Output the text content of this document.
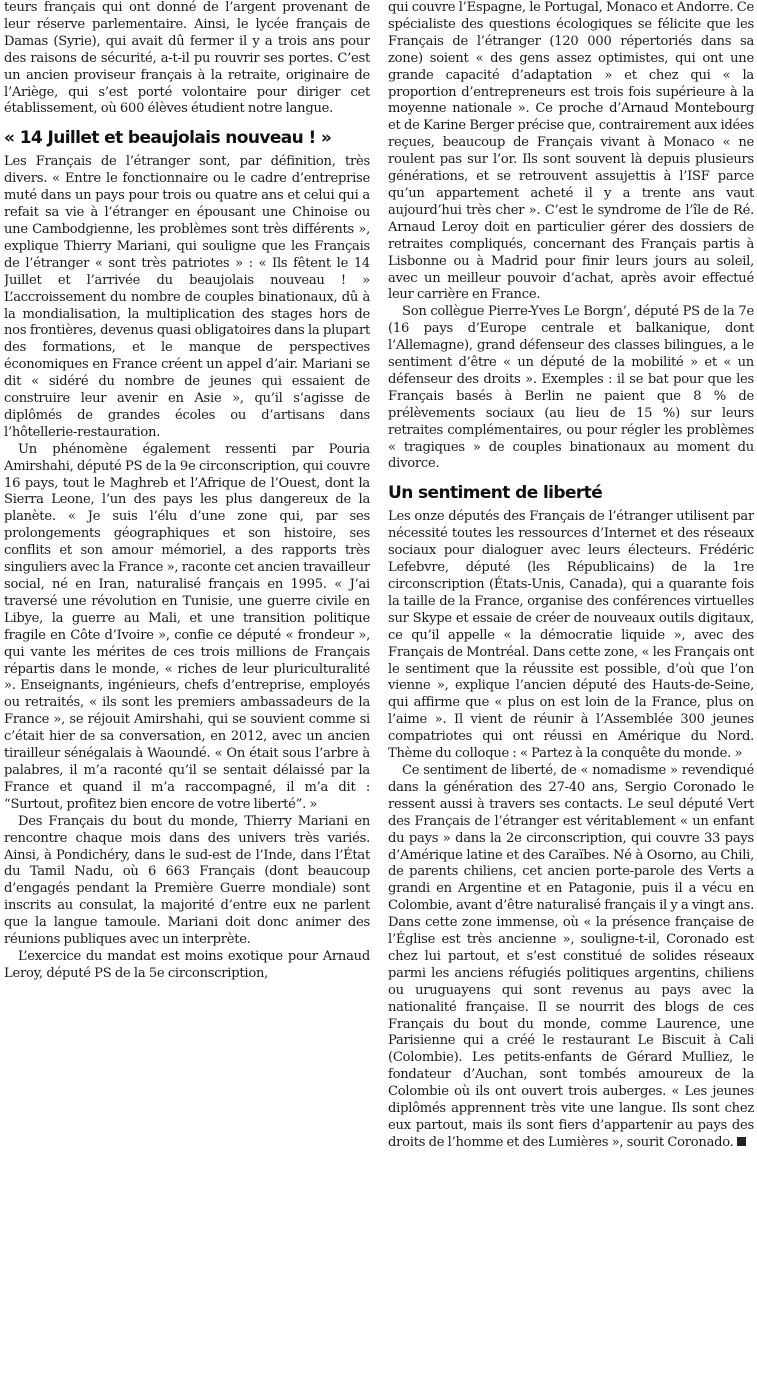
teurs français qui ont donné de l’argent provenant de leur réserve parlementaire. Ainsi, le lycée français de Damas (Syrie), qui avait dû fermer il y a trois ans pour des raisons de sécurité, a-t-il pu rouvrir ses portes. C’est un ancien proviseur français à la retraite, originaire de l’Ariège, qui s’est porté volontaire pour diriger cet établissement, où 600 élèves étudient notre langue.

« 14 Juillet et beaujolais nouveau ! »

Les Français de l’étranger sont, par définition, très divers. « Entre le fonctionnaire ou le cadre d’entreprise muté dans un pays pour trois ou quatre ans et celui qui a refait sa vie à l’étranger en épousant une Chinoise ou une Cambodgienne, les problèmes sont très différents », explique Thierry Mariani, qui souligne que les Français de l’étranger « sont très patriotes » : « Ils fêtent le 14 Juillet et l’arrivée du beaujolais nouveau ! » L’accroissement du nombre de couples binationaux, dû à la mondialisation, la multiplication des stages hors de nos frontières, devenus quasi obligatoires dans la plupart des formations, et le manque de perspectives économiques en France créent un appel d’air. Mariani se dit « sidéré du nombre de jeunes qui essaient de construire leur avenir en Asie », qu’il s’agisse de diplômés de grandes écoles ou d’artisans dans l’hôtellerie-restauration.

Un phénomène également ressenti par Pouria Amirshahi, député PS de la 9e circonscription, qui couvre 16 pays, tout le Maghreb et l’Afrique de l’Ouest, dont la Sierra Leone, l’un des pays les plus dangereux de la planète. « Je suis l’élu d’une zone qui, par ses prolongements géographiques et son histoire, ses conflits et son amour mémoriel, a des rapports très singuliers avec la France », raconte cet ancien travailleur social, né en Iran, naturalisé français en 1995. « J’ai traversé une révolution en Tunisie, une guerre civile en Libye, la guerre au Mali, et une transition politique fragile en Côte d’Ivoire », confie ce député « frondeur », qui vante les mérites de ces trois millions de Français répartis dans le monde, « riches de leur pluriculturalité ». Enseignants, ingénieurs, chefs d’entreprise, employés ou retraités, « ils sont les premiers ambassadeurs de la France », se réjouit Amirshahi, qui se souvient comme si c’était hier de sa conversation, en 2012, avec un ancien tirailleur sénégalais à Waoundé. « On était sous l’arbre à palabres, il m’a raconté qu’il se sentait délaissé par la France et quand il m’a raccompagné, il m’a dit : “Surtout, profitez bien encore de votre liberté”. »

Des Français du bout du monde, Thierry Mariani en rencontre chaque mois dans des univers très variés. Ainsi, à Pondichéry, dans le sud-est de l’Inde, dans l’État du Tamil Nadu, où 6 663 Français (dont beaucoup d’engagés pendant la Première Guerre mondiale) sont inscrits au consulat, la majorité d’entre eux ne parlent que la langue tamoule. Mariani doit donc animer des réunions publiques avec un interprète.

L’exercice du mandat est moins exotique pour Arnaud Leroy, député PS de la 5e circonscription,

qui couvre l’Espagne, le Portugal, Monaco et Andorre. Ce spécialiste des questions écologiques se félicite que les Français de l’étranger (120 000 répertoriés dans sa zone) soient « des gens assez optimistes, qui ont une grande capacité d’adaptation » et chez qui « la proportion d’entrepreneurs est trois fois supérieure à la moyenne nationale ». Ce proche d’Arnaud Montebourg et de Karine Berger précise que, contrairement aux idées reçues, beaucoup de Français vivant à Monaco « ne roulent pas sur l’or. Ils sont souvent là depuis plusieurs générations, et se retrouvent assujettis à l’ISF parce qu’un appartement acheté il y a trente ans vaut aujourd’hui très cher ». C’est le syndrome de l’île de Ré. Arnaud Leroy doit en particulier gérer des dossiers de retraites compliqués, concernant des Français partis à Lisbonne ou à Madrid pour finir leurs jours au soleil, avec un meilleur pouvoir d’achat, après avoir effectué leur carrière en France.

Son collègue Pierre-Yves Le Borgn’, député PS de la 7e (16 pays d’Europe centrale et balkanique, dont l’Allemagne), grand défenseur des classes bilingues, a le sentiment d’être « un député de la mobilité » et « un défenseur des droits ». Exemples : il se bat pour que les Français basés à Berlin ne paient que 8 % de prélèvements sociaux (au lieu de 15 %) sur leurs retraites complémentaires, ou pour régler les problèmes « tragiques » de couples binationaux au moment du divorce.

Un sentiment de liberté

Les onze députés des Français de l’étranger utilisent par nécessité toutes les ressources d’Internet et des réseaux sociaux pour dialoguer avec leurs électeurs. Frédéric Lefebvre, député (les Républicains) de la 1re circonscription (États-Unis, Canada), qui a quarante fois la taille de la France, organise des conférences virtuelles sur Skype et essaie de créer de nouveaux outils digitaux, ce qu’il appelle « la démocratie liquide », avec des Français de Montréal. Dans cette zone, « les Français ont le sentiment que la réussite est possible, d’où que l’on vienne », explique l’ancien député des Hauts-de-Seine, qui affirme que « plus on est loin de la France, plus on l’aime ». Il vient de réunir à l’Assemblée 300 jeunes compatriotes qui ont réussi en Amérique du Nord. Thème du colloque : « Partez à la conquête du monde. »

Ce sentiment de liberté, de « nomadisme » revendiqué dans la génération des 27-40 ans, Sergio Coronado le ressent aussi à travers ses contacts. Le seul député Vert des Français de l’étranger est véritablement « un enfant du pays » dans la 2e circonscription, qui couvre 33 pays d’Amérique latine et des Caraïbes. Né à Osorno, au Chili, de parents chiliens, cet ancien porte-parole des Verts a grandi en Argentine et en Patagonie, puis il a vécu en Colombie, avant d’être naturalisé français il y a vingt ans. Dans cette zone immense, où « la présence française de l’Église est très ancienne », souligne-t-il, Coronado est chez lui partout, et s’est constitué de solides réseaux parmi les anciens réfugiés politiques argentins, chiliens ou uruguayens qui sont revenus au pays avec la nationalité française. Il se nourrit des blogs de ces Français du bout du monde, comme Laurence, une Parisienne qui a créé le restaurant Le Biscuit à Cali (Colombie). Les petits-enfants de Gérard Mulliez, le fondateur d’Auchan, sont tombés amoureux de la Colombie où ils ont ouvert trois auberges. « Les jeunes diplômés apprennent très vite une langue. Ils sont chez eux partout, mais ils sont fiers d’appartenir au pays des droits de l’homme et des Lumières », sourit Coronado.
